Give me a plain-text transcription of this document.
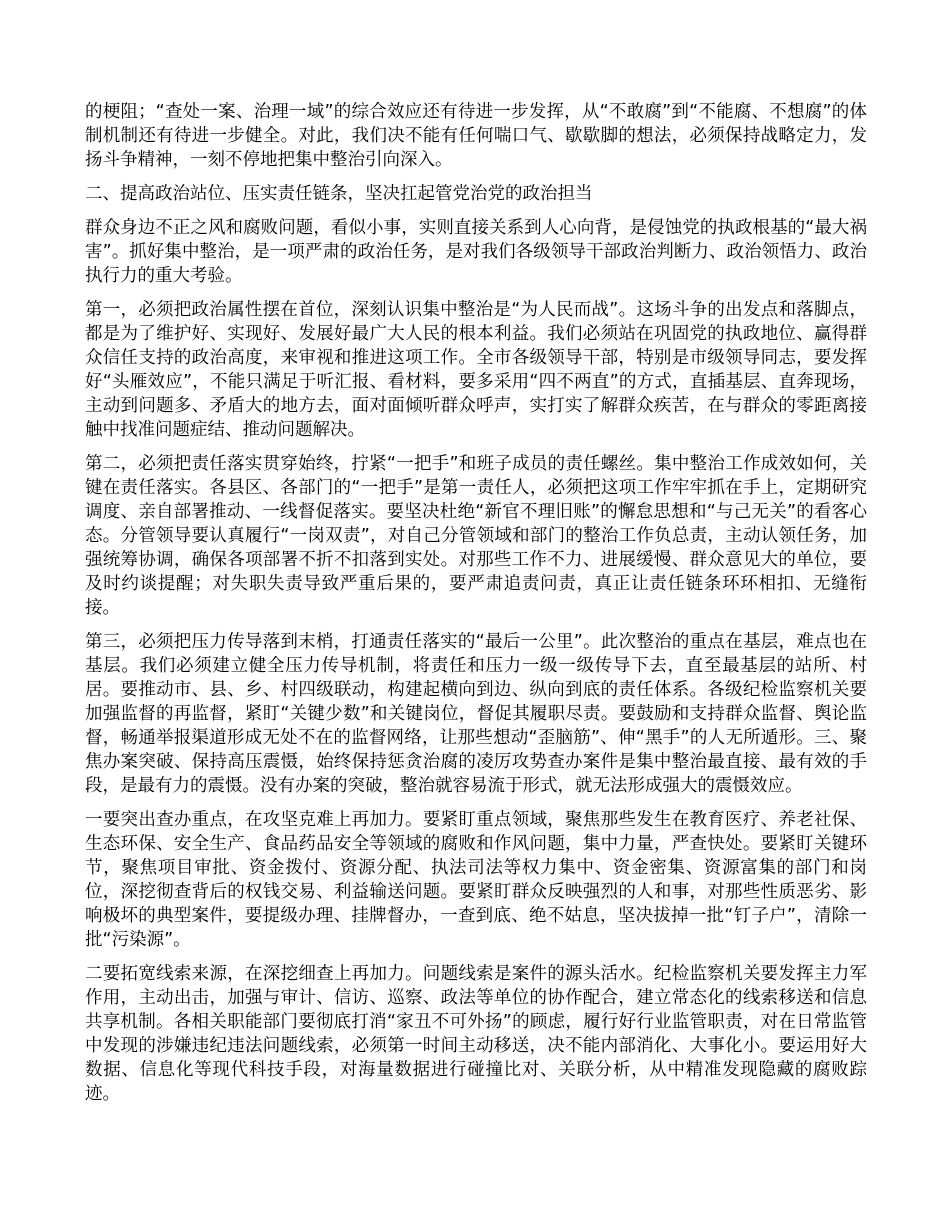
的梗阻；“查处一案、治理一域”的综合效应还有待进一步发挥，从“不敢腐”到“不能腐、不想腐”的体制机制还有待进一步健全。对此，我们决不能有任何喘口气、歇歇脚的想法，必须保持战略定力，发扬斗争精神，一刻不停地把集中整治引向深入。

二、提高政治站位、压实责任链条，坚决扛起管党治党的政治担当

群众身边不正之风和腐败问题，看似小事，实则直接关系到人心向背，是侵蚀党的执政根基的“最大祸害”。抓好集中整治，是一项严肃的政治任务，是对我们各级领导干部政治判断力、政治领悟力、政治执行力的重大考验。

第一，必须把政治属性摆在首位，深刻认识集中整治是“为人民而战”。这场斗争的出发点和落脚点，都是为了维护好、实现好、发展好最广大人民的根本利益。我们必须站在巩固党的执政地位、赢得群众信任支持的政治高度，来审视和推进这项工作。全市各级领导干部，特别是市级领导同志，要发挥好“头雁效应”，不能只满足于听汇报、看材料，要多采用“四不两直”的方式，直插基层、直奔现场，主动到问题多、矛盾大的地方去，面对面倾听群众呼声，实打实了解群众疾苦，在与群众的零距离接触中找准问题症结、推动问题解决。

第二，必须把责任落实贯穿始终，拧紧“一把手”和班子成员的责任螺丝。集中整治工作成效如何，关键在责任落实。各县区、各部门的“一把手”是第一责任人，必须把这项工作牢牢抓在手上，定期研究调度、亲自部署推动、一线督促落实。要坚决杜绝“新官不理旧账”的懈怠思想和“与己无关”的看客心态。分管领导要认真履行“一岗双责”，对自己分管领域和部门的整治工作负总责，主动认领任务，加强统筹协调，确保各项部署不折不扣落到实处。对那些工作不力、进展缓慢、群众意见大的单位，要及时约谈提醒；对失职失责导致严重后果的，要严肃追责问责，真正让责任链条环环相扣、无缝衔接。

第三，必须把压力传导落到末梢，打通责任落实的“最后一公里”。此次整治的重点在基层，难点也在基层。我们必须建立健全压力传导机制，将责任和压力一级一级传导下去，直至最基层的站所、村居。要推动市、县、乡、村四级联动，构建起横向到边、纵向到底的责任体系。各级纪检监察机关要加强监督的再监督，紧盯“关键少数”和关键岗位，督促其履职尽责。要鼓励和支持群众监督、舆论监督，畅通举报渠道形成无处不在的监督网络，让那些想动“歪脑筋”、伸“黑手”的人无所遁形。三、聚焦办案突破、保持高压震慑，始终保持惩贪治腐的凌厉攻势查办案件是集中整治最直接、最有效的手段，是最有力的震慑。没有办案的突破，整治就容易流于形式，就无法形成强大的震慑效应。

一要突出查办重点，在攻坚克难上再加力。要紧盯重点领域，聚焦那些发生在教育医疗、养老社保、生态环保、安全生产、食品药品安全等领域的腐败和作风问题，集中力量，严查快处。要紧盯关键环节，聚焦项目审批、资金拨付、资源分配、执法司法等权力集中、资金密集、资源富集的部门和岗位，深挖彻查背后的权钱交易、利益输送问题。要紧盯群众反映强烈的人和事，对那些性质恶劣、影响极坏的典型案件，要提级办理、挂牌督办，一查到底、绝不姑息，坚决拔掉一批“钉子户”，清除一批“污染源”。

二要拓宽线索来源，在深挖细查上再加力。问题线索是案件的源头活水。纪检监察机关要发挥主力军作用，主动出击，加强与审计、信访、巡察、政法等单位的协作配合，建立常态化的线索移送和信息共享机制。各相关职能部门要彻底打消“家丑不可外扬”的顾虑，履行好行业监管职责，对在日常监管中发现的涉嫌违纪违法问题线索，必须第一时间主动移送，决不能内部消化、大事化小。要运用好大数据、信息化等现代科技手段，对海量数据进行碰撞比对、关联分析，从中精准发现隐藏的腐败踪迹。
